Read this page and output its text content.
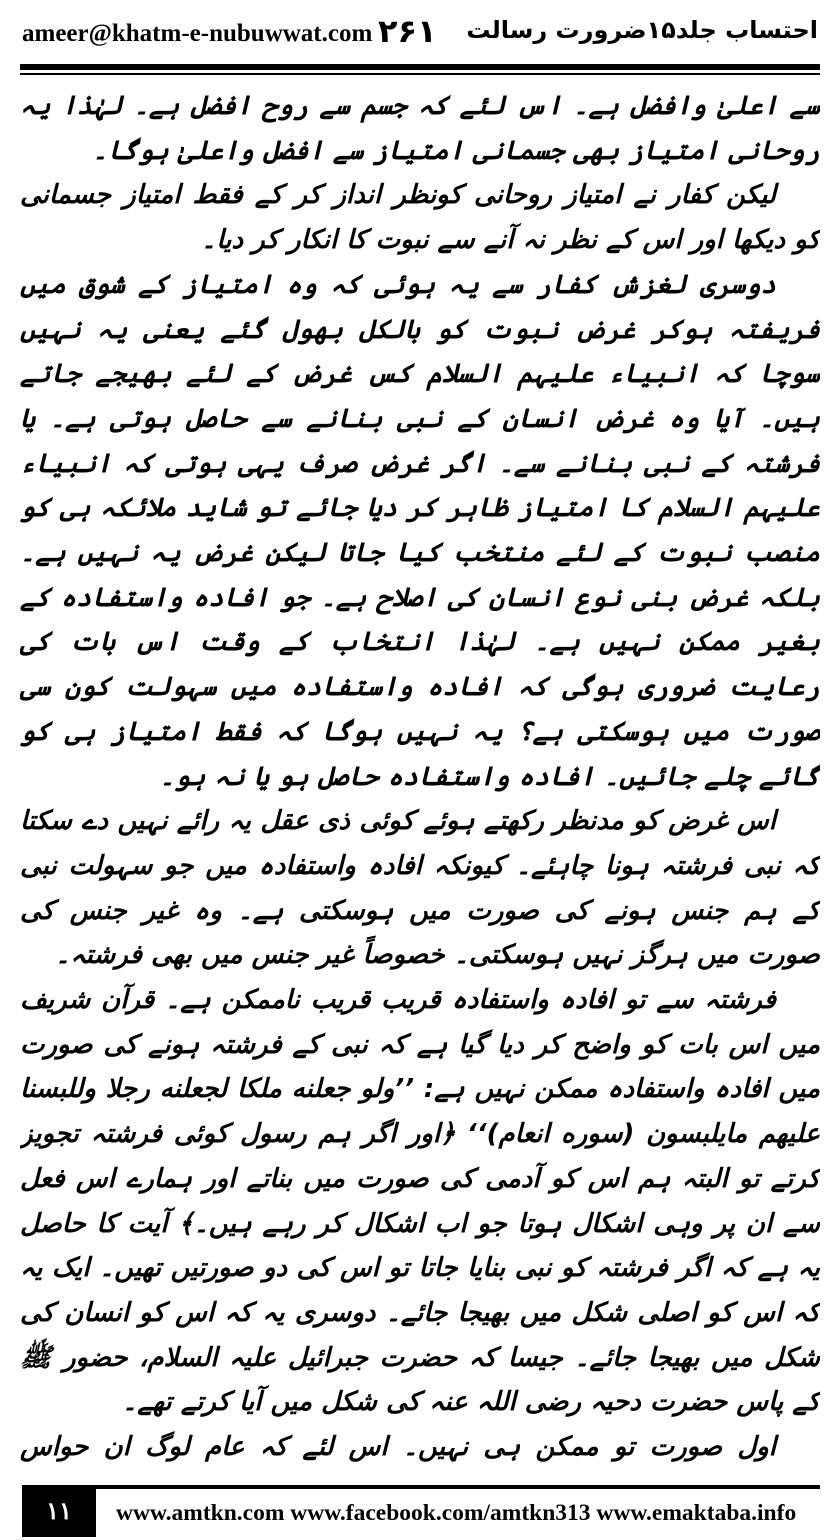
ameer@khatm-e-nubuwwat.com ۲۶۱ احتساب جلد۱۵ضرورت رسالت

سے اعلیٰ وافضل ہے۔ اس لئے کہ جسم سے روح افضل ہے۔ لہٰذا یہ روحانی امتیاز بھی جسمانی امتیاز سے افضل واعلیٰ ہوگا۔

لیکن کفار نے امتیاز روحانی کونظر انداز کر کے فقط امتیاز جسمانی کو دیکھا اور اس کے نظر نہ آنے سے نبوت کا انکار کر دیا۔

دوسری لغزش کفار سے یہ ہوئی کہ وہ امتیاز کے شوق میں فریفتہ ہوکر غرض نبوت کو بالکل بھول گئے یعنی یہ نہیں سوچا کہ انبیاء علیہم السلام کس غرض کے لئے بھیجے جاتے ہیں۔ آیا وہ غرض انسان کے نبی بنانے سے حاصل ہوتی ہے۔ یا فرشتہ کے نبی بنانے سے۔ اگر غرض صرف یہی ہوتی کہ انبیاء علیہم السلام کا امتیاز ظاہر کر دیا جائے تو شاید ملائکہ ہی کو منصب نبوت کے لئے منتخب کیا جاتا لیکن غرض یہ نہیں ہے۔ بلکہ غرض بنی نوع انسان کی اصلاح ہے۔ جو افادہ واستفادہ کے بغیر ممکن نہیں ہے۔ لہٰذا انتخاب کے وقت اس بات کی رعایت ضروری ہوگی کہ افادہ واستفادہ میں سہولت کون سی صورت میں ہوسکتی ہے؟ یہ نہیں ہوگا کہ فقط امتیاز ہی کو گائے چلے جائیں۔ افادہ واستفادہ حاصل ہو یا نہ ہو۔

اس غرض کو مدنظر رکھتے ہوئے کوئی ذی عقل یہ رائے نہیں دے سکتا کہ نبی فرشتہ ہونا چاہئے۔ کیونکہ افادہ واستفادہ میں جو سہولت نبی کے ہم جنس ہونے کی صورت میں ہوسکتی ہے۔ وہ غیر جنس کی صورت میں ہرگز نہیں ہوسکتی۔ خصوصاً غیر جنس میں بھی فرشتہ۔

فرشتہ سے تو افادہ واستفادہ قریب قریب ناممکن ہے۔ قرآن شریف میں اس بات کو واضح کر دیا گیا ہے کہ نبی کے فرشتہ ہونے کی صورت میں افادہ واستفادہ ممکن نہیں ہے: ’’ولو جعلنه ملکا لجعلنه رجلا وللبسنا علیهم مایلبسون (سوره انعام)‘‘ ﴿اور اگر ہم رسول کوئی فرشتہ تجویز کرتے تو البتہ ہم اس کو آدمی کی صورت میں بناتے اور ہمارے اس فعل سے ان پر وہی اشکال ہوتا جو اب اشکال کر رہے ہیں۔﴾ آیت کا حاصل یہ ہے کہ اگر فرشتہ کو نبی بنایا جاتا تو اس کی دو صورتیں تھیں۔ ایک یہ کہ اس کو اصلی شکل میں بھیجا جائے۔ دوسری یہ کہ اس کو انسان کی شکل میں بھیجا جائے۔ جیسا کہ حضرت جبرائیل علیہ السلام، حضور ﷺ کے پاس حضرت دحیہ رضی اللہ عنہ کی شکل میں آیا کرتے تھے۔

اول صورت تو ممکن ہی نہیں۔ اس لئے کہ عام لوگ ان حواس

۱۱	www.amtkn.com www.facebook.com/amtkn313 www.emaktaba.info
